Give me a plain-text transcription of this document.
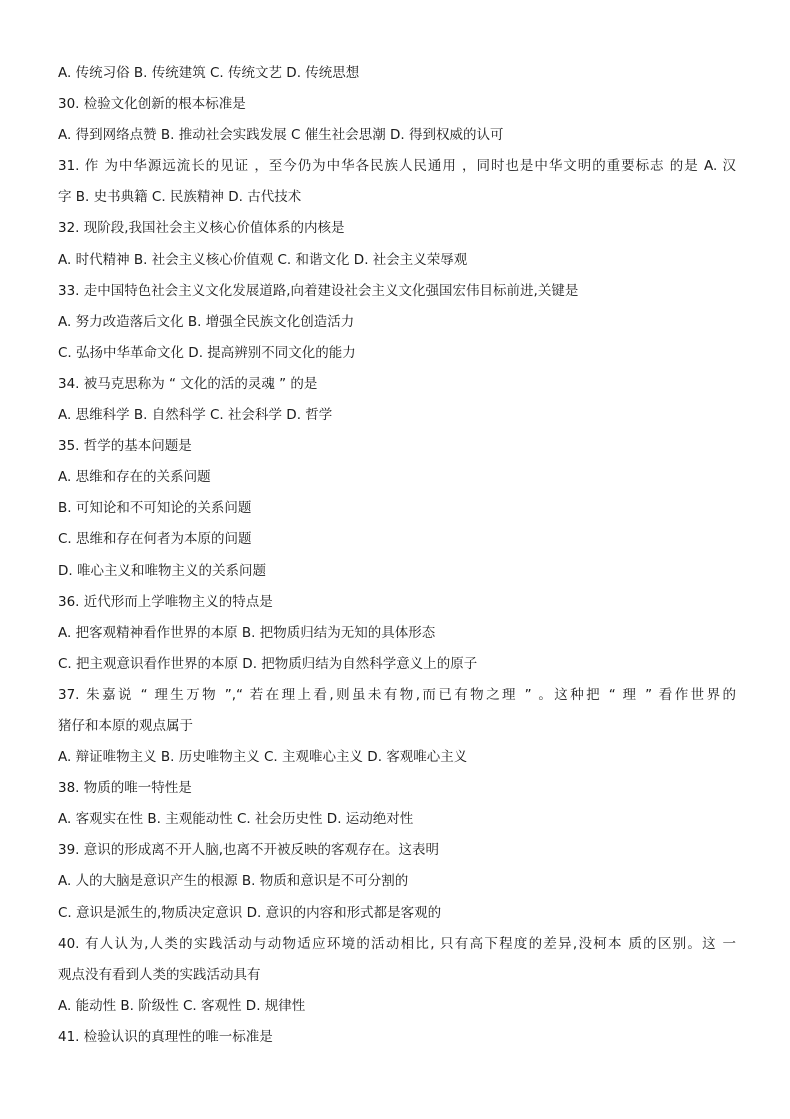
A. 传统习俗 B. 传统建筑 C. 传统文艺 D. 传统思想
30. 检验文化创新的根本标准是
A. 得到网络点赞 B. 推动社会实践发展 C 催生社会思潮 D. 得到权威的认可
31. 作 为中华源远流长的见证 ，至今仍为中华各民族人民通用 ，同时也是中华文明的重要标志 的是 A. 汉
字 B. 史书典籍 C. 民族精神 D. 古代技术
32. 现阶段,我国社会主义核心价值体系的内核是
A. 时代精神 B. 社会主义核心价值观 C. 和谐文化 D. 社会主义荣辱观
33. 走中国特色社会主义文化发展道路,向着建设社会主义文化强国宏伟目标前进,关键是
A. 努力改造落后文化 B. 增强全民族文化创造活力
C. 弘扬中华革命文化 D. 提高辨别不同文化的能力
34. 被马克思称为 “ 文化的活的灵魂 ” 的是
A. 思维科学 B. 自然科学 C. 社会科学 D. 哲学
35. 哲学的基本问题是
A. 思维和存在的关系问题
B. 可知论和不可知论的关系问题
C. 思维和存在何者为本原的问题
D. 唯心主义和唯物主义的关系问题
36. 近代形而上学唯物主义的特点是
A. 把客观精神看作世界的本原 B. 把物质归结为无知的具体形态
C. 把主观意识看作世界的本原 D. 把物质归结为自然科学意义上的原子
37. 朱嘉说 “ 理生万物 ”,“ 若在理上看,则虽未有物,而已有物之理 ” 。这种把 “ 理 ” 看作世界的
猪仔和本原的观点属于
A. 辩证唯物主义 B. 历史唯物主义 C. 主观唯心主义 D. 客观唯心主义
38. 物质的唯一特性是
A. 客观实在性 B. 主观能动性 C. 社会历史性 D. 运动绝对性
39. 意识的形成离不开人脑,也离不开被反映的客观存在。这表明
A. 人的大脑是意识产生的根源 B. 物质和意识是不可分割的
C. 意识是派生的,物质决定意识 D. 意识的内容和形式都是客观的
40. 有人认为,人类的实践活动与动物适应环境的活动相比, 只有高下程度的差异,没柯本 质的区别。这 一
观点没有看到人类的实践活动具有
A. 能动性 B. 阶级性 C. 客观性 D. 规律性
41. 检验认识的真理性的唯一标准是
